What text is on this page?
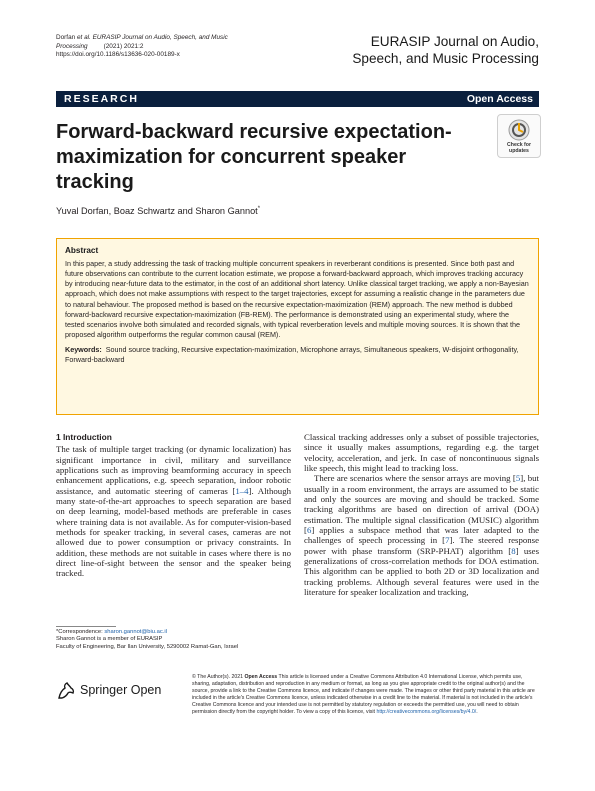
Dorfan et al. EURASIP Journal on Audio, Speech, and Music
Processing (2021) 2021:2
https://doi.org/10.1186/s13636-020-00189-x
EURASIP Journal on Audio,
Speech, and Music Processing
RESEARCH	Open Access
Check for
updates
Forward-backward recursive expectation-maximization for concurrent speaker tracking
Yuval Dorfan, Boaz Schwartz and Sharon Gannot*
Abstract
In this paper, a study addressing the task of tracking multiple concurrent speakers in reverberant conditions is presented. Since both past and future observations can contribute to the current location estimate, we propose a forward-backward approach, which improves tracking accuracy by introducing near-future data to the estimator, in the cost of an additional short latency. Unlike classical target tracking, we apply a non-Bayesian approach, which does not make assumptions with respect to the target trajectories, except for assuming a realistic change in the parameters due to natural behaviour. The proposed method is based on the recursive expectation-maximization (REM) approach. The new method is dubbed forward-backward recursive expectation-maximization (FB-REM). The performance is demonstrated using an experimental study, where the tested scenarios involve both simulated and recorded signals, with typical reverberation levels and multiple moving sources. It is shown that the proposed algorithm outperforms the regular common causal (REM).
Keywords: Sound source tracking, Recursive expectation-maximization, Microphone arrays, Simultaneous speakers, W-disjoint orthogonality, Forward-backward
1 Introduction

The task of multiple target tracking (or dynamic localization) has significant importance in civil, military and surveillance applications such as improving beamforming accuracy in speech enhancement applications, e.g. speech separation, indoor robotic assistance, and automatic steering of cameras [1–4]. Although many state-of-the-art approaches to speech separation are based on deep learning, model-based methods are preferable in cases where training data is not available. As for computer-vision-based methods for speaker tracking, in several cases, cameras are not allowed due to power consumption or privacy constraints. In addition, these methods are not suitable in cases where there is no direct line-of-sight between the sensor and the speaker being tracked.

Classical tracking addresses only a subset of possible trajectories, since it usually makes assumptions, regarding e.g. the target velocity, acceleration, and jerk. In case of noncontinuous signals like speech, this might lead to tracking loss.

There are scenarios where the sensor arrays are moving [5], but usually in a room environment, the arrays are assumed to be static and only the sources are moving and should be tracked. Some tracking algorithms are based on direction of arrival (DOA) estimation. The multiple signal classification (MUSIC) algorithm [6] applies a subspace method that was later adapted to the challenges of speech processing in [7]. The steered response power with phase transform (SRP-PHAT) algorithm [8] uses generalizations of cross-correlation methods for DOA estimation. This algorithm can be applied to both 2D or 3D localization and tracking problems. Although several features were used in the literature for speaker localization and tracking,

*Correspondence: sharon.gannot@biu.ac.il
Sharon Gannot is a member of EURASIP
Faculty of Engineering, Bar Ilan University, 5290002 Ramat-Gan, Israel
Springer Open
© The Author(s). 2021 Open Access This article is licensed under a Creative Commons Attribution 4.0 International License, which permits use, sharing, adaptation, distribution and reproduction in any medium or format, as long as you give appropriate credit to the original author(s) and the source, provide a link to the Creative Commons licence, and indicate if changes were made. The images or other third party material in this article are included in the article's Creative Commons licence, unless indicated otherwise in a credit line to the material. If material is not included in the article's Creative Commons licence and your intended use is not permitted by statutory regulation or exceeds the permitted use, you will need to obtain permission directly from the copyright holder. To view a copy of this licence, visit http://creativecommons.org/licenses/by/4.0/.
